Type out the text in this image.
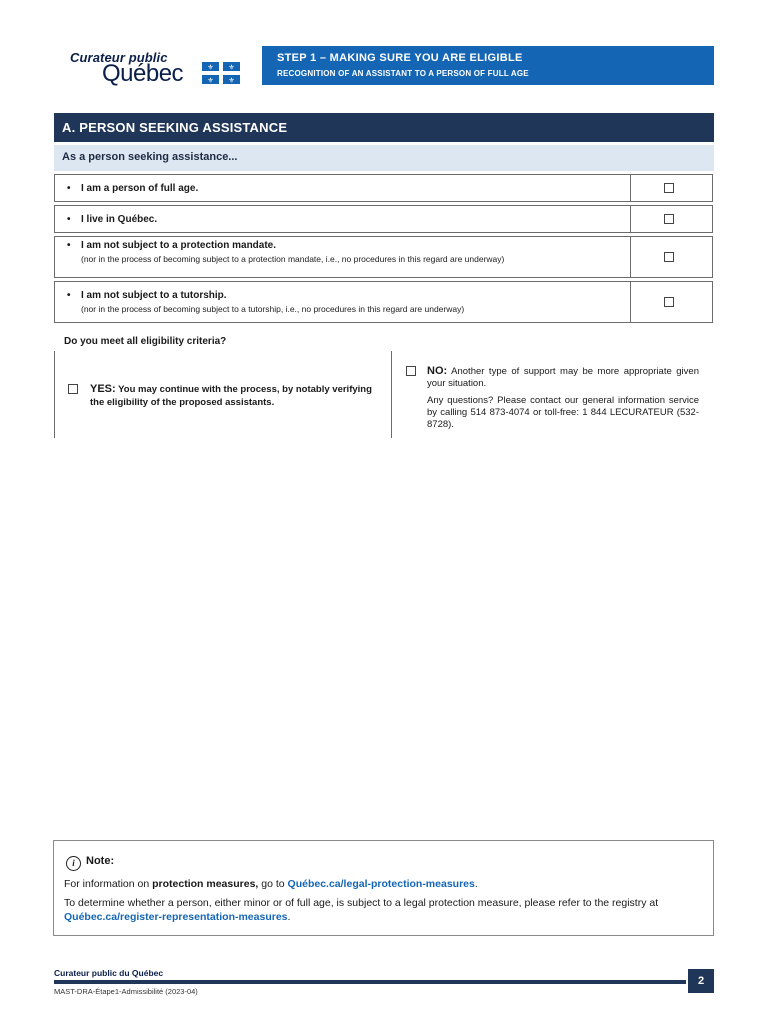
Curateur public
Québec	⚜ ⚜
⚜ ⚜
STEP 1 – MAKING SURE YOU ARE ELIGIBLE
RECOGNITION OF AN ASSISTANT TO A PERSON OF FULL AGE
A. PERSON SEEKING ASSISTANCE
As a person seeking assistance...
• I am a person of full age.
• I live in Québec.
• I am not subject to a protection mandate.
(nor in the process of becoming subject to a protection mandate, i.e., no procedures in this regard are underway)
• I am not subject to a tutorship.
(nor in the process of becoming subject to a tutorship, i.e., no procedures in this regard are underway)
Do you meet all eligibility criteria?
YES: You may continue with the process, by notably verifying the eligibility of the proposed assistants.
NO: Another type of support may be more appropriate given your situation.
Any questions? Please contact our general information service by calling 514 873-4074 or toll-free: 1 844 LECURATEUR (532-8728).
i Note:
For information on protection measures, go to Québec.ca/legal-protection-measures.
To determine whether a person, either minor or of full age, is subject to a legal protection measure, please refer to the registry at Québec.ca/register-representation-measures.
Curateur public du Québec
MAST-DRA-Étape1-Admissibilité (2023-04)
2
